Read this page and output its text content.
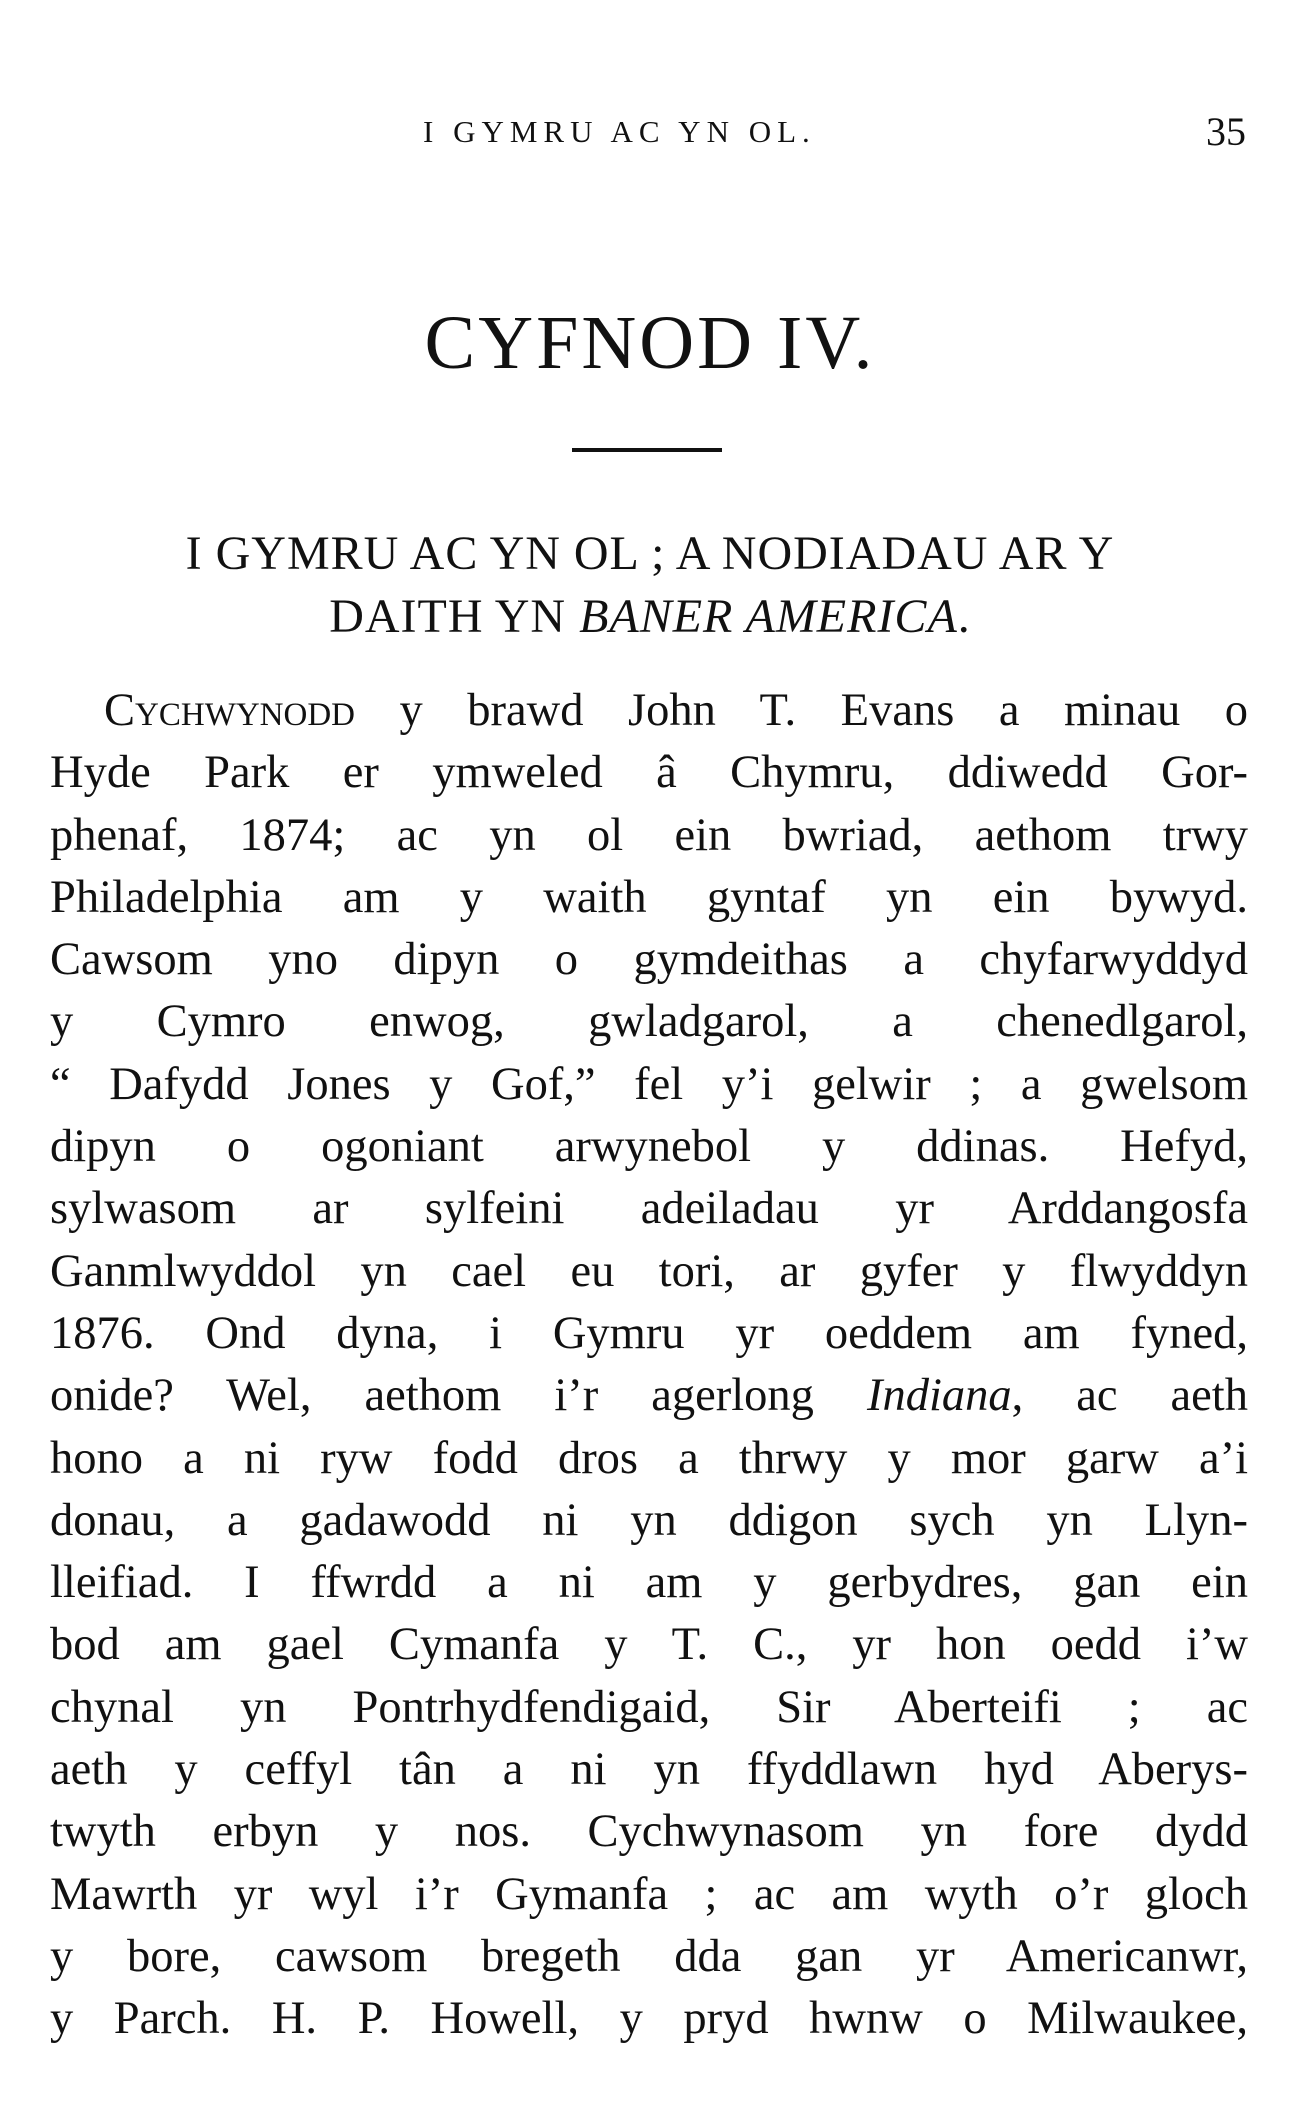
I GYMRU AC YN OL.	35
CYFNOD IV.
I GYMRU AC YN OL ; A NODIADAU AR Y
DAITH YN BANER AMERICA.
Cychwynodd y brawd John T. Evans a minau o
Hyde Park er ymweled â Chymru, ddiwedd Gor-
phenaf, 1874; ac yn ol ein bwriad, aethom trwy
Philadelphia am y waith gyntaf yn ein bywyd.
Cawsom yno dipyn o gymdeithas a chyfarwyddyd
y Cymro enwog, gwladgarol, a chenedlgarol,
“ Dafydd Jones y Gof,” fel y’i gelwir ; a gwelsom
dipyn o ogoniant arwynebol y ddinas. Hefyd,
sylwasom ar sylfeini adeiladau yr Arddangosfa
Ganmlwyddol yn cael eu tori, ar gyfer y flwyddyn
1876. Ond dyna, i Gymru yr oeddem am fyned,
onide? Wel, aethom i’r agerlong Indiana, ac aeth
hono a ni ryw fodd dros a thrwy y mor garw a’i
donau, a gadawodd ni yn ddigon sych yn Llyn-
lleifiad. I ffwrdd a ni am y gerbydres, gan ein
bod am gael Cymanfa y T. C., yr hon oedd i’w
chynal yn Pontrhydfendigaid, Sir Aberteifi ; ac
aeth y ceffyl tân a ni yn ffyddlawn hyd Aberys-
twyth erbyn y nos. Cychwynasom yn fore dydd
Mawrth yr wyl i’r Gymanfa ; ac am wyth o’r gloch
y bore, cawsom bregeth dda gan yr Americanwr,
y Parch. H. P. Howell, y pryd hwnw o Milwaukee,
